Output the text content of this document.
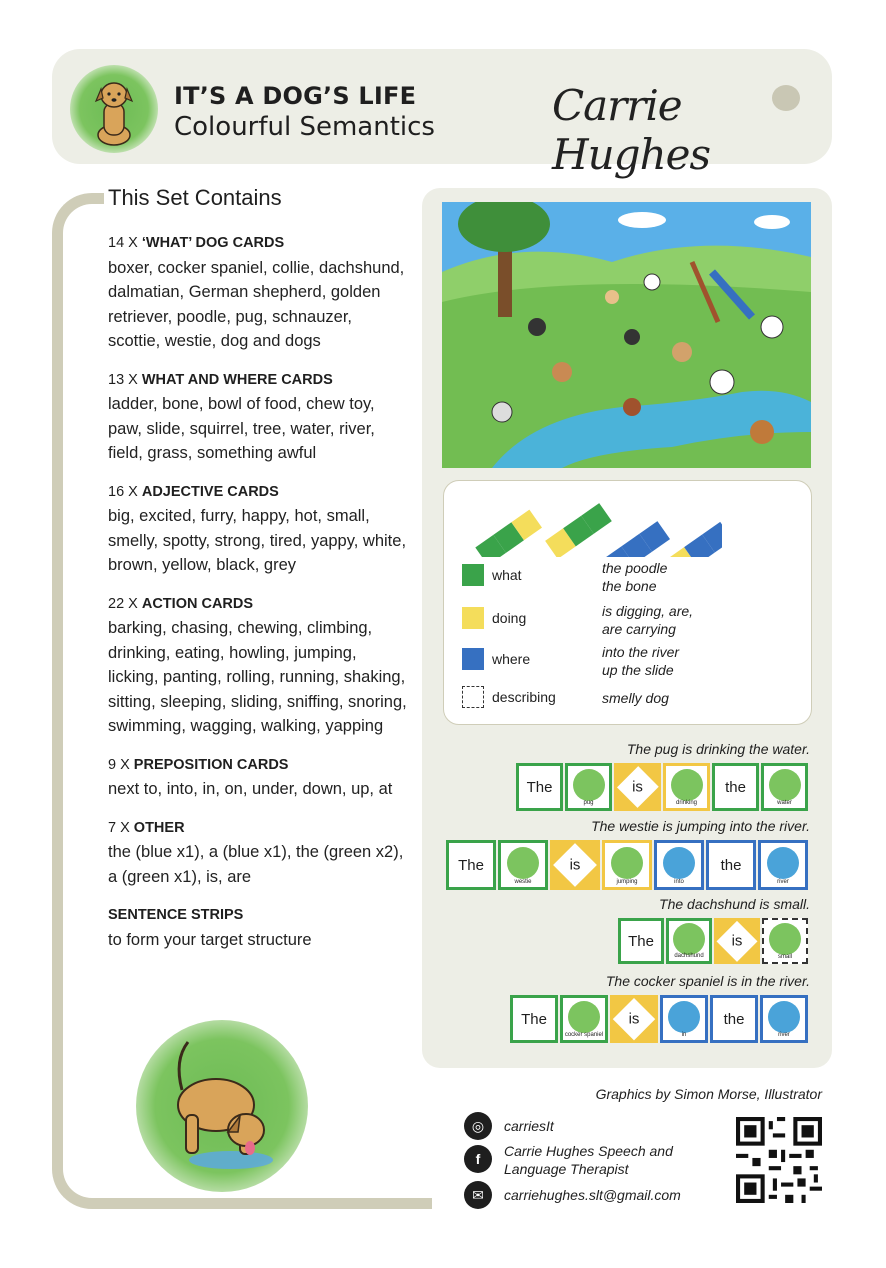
IT’S A DOG’S LIFE
Colourful Semantics	Carrie Hughes
This Set Contains
14 X ‘WHAT’ DOG CARDS
boxer, cocker spaniel, collie, dachshund, dalmatian, German shepherd, golden retriever, poodle, pug, schnauzer, scottie, westie, dog and dogs
13 X WHAT AND WHERE CARDS
ladder, bone, bowl of food, chew toy, paw, slide, squirrel, tree, water, river, field, grass, something awful
16 X ADJECTIVE CARDS
big, excited, furry, happy, hot, small, smelly, spotty, strong, tired, yappy, white, brown, yellow, black, grey
22 X ACTION CARDS
barking, chasing, chewing, climbing, drinking, eating, howling, jumping, licking, panting, rolling, running, shaking, sitting, sleeping, sliding, sniffing, snoring, swimming, wagging, walking, yapping
9 X PREPOSITION CARDS
next to, into, in, on, under, down, up, at
7 X OTHER
the (blue x1), a (blue x1), the (green x2), a (green x1), is, are
SENTENCE STRIPS
to form your target structure
what	the poodle
the bone
doing	is digging, are,
are carrying
where	into the river
up the slide
describing	smelly dog
The pug is drinking the water.
The
pug
is
drinking
the
water
The westie is jumping into the river.
The
westie
is
jumping	into
the
river
The dachshund is small.
The
dachshund
is
small
The cocker spaniel is in the river.
The
cocker spaniel
is
in
the
river
Graphics by Simon Morse, Illustrator
◎	carriesIt
f	Carrie Hughes Speech and
Language Therapist
✉	carriehughes.slt@gmail.com
